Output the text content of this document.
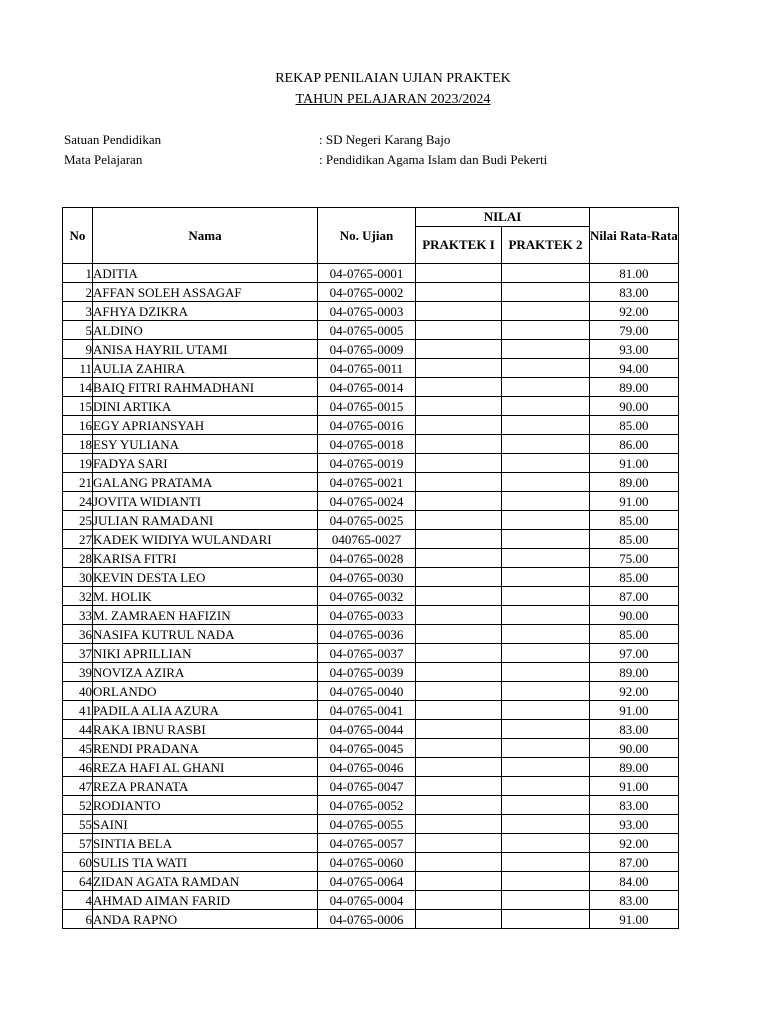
REKAP PENILAIAN UJIAN PRAKTEK
TAHUN PELAJARAN 2023/2024
Satuan Pendidikan	: SD Negeri Karang Bajo
Mata Pelajaran	: Pendidikan Agama Islam dan Budi Pekerti
No	Nama	No. Ujian	NILAI		Nilai Rata-Rata
			PRAKTEK I	PRAKTEK 2	
1	ADITIA	04-0765-0001			81.00
2	AFFAN SOLEH ASSAGAF	04-0765-0002			83.00
3	AFHYA DZIKRA	04-0765-0003			92.00
5	ALDINO	04-0765-0005			79.00
9	ANISA HAYRIL UTAMI	04-0765-0009			93.00
11	AULIA ZAHIRA	04-0765-0011			94.00
14	BAIQ FITRI RAHMADHANI	04-0765-0014			89.00
15	DINI ARTIKA	04-0765-0015			90.00
16	EGY APRIANSYAH	04-0765-0016			85.00
18	ESY YULIANA	04-0765-0018			86.00
19	FADYA SARI	04-0765-0019			91.00
21	GALANG PRATAMA	04-0765-0021			89.00
24	JOVITA WIDIANTI	04-0765-0024			91.00
25	JULIAN RAMADANI	04-0765-0025			85.00
27	KADEK WIDIYA WULANDARI	040765-0027			85.00
28	KARISA FITRI	04-0765-0028			75.00
30	KEVIN DESTA LEO	04-0765-0030			85.00
32	M. HOLIK	04-0765-0032			87.00
33	M. ZAMRAEN HAFIZIN	04-0765-0033			90.00
36	NASIFA KUTRUL NADA	04-0765-0036			85.00
37	NIKI APRILLIAN	04-0765-0037			97.00
39	NOVIZA AZIRA	04-0765-0039			89.00
40	ORLANDO	04-0765-0040			92.00
41	PADILA ALIA AZURA	04-0765-0041			91.00
44	RAKA IBNU RASBI	04-0765-0044			83.00
45	RENDI PRADANA	04-0765-0045			90.00
46	REZA HAFI AL GHANI	04-0765-0046			89.00
47	REZA PRANATA	04-0765-0047			91.00
52	RODIANTO	04-0765-0052			83.00
55	SAINI	04-0765-0055			93.00
57	SINTIA BELA	04-0765-0057			92.00
60	SULIS TIA WATI	04-0765-0060			87.00
64	ZIDAN AGATA RAMDAN	04-0765-0064			84.00
4	AHMAD AIMAN FARID	04-0765-0004			83.00
6	ANDA RAPNO	04-0765-0006			91.00
